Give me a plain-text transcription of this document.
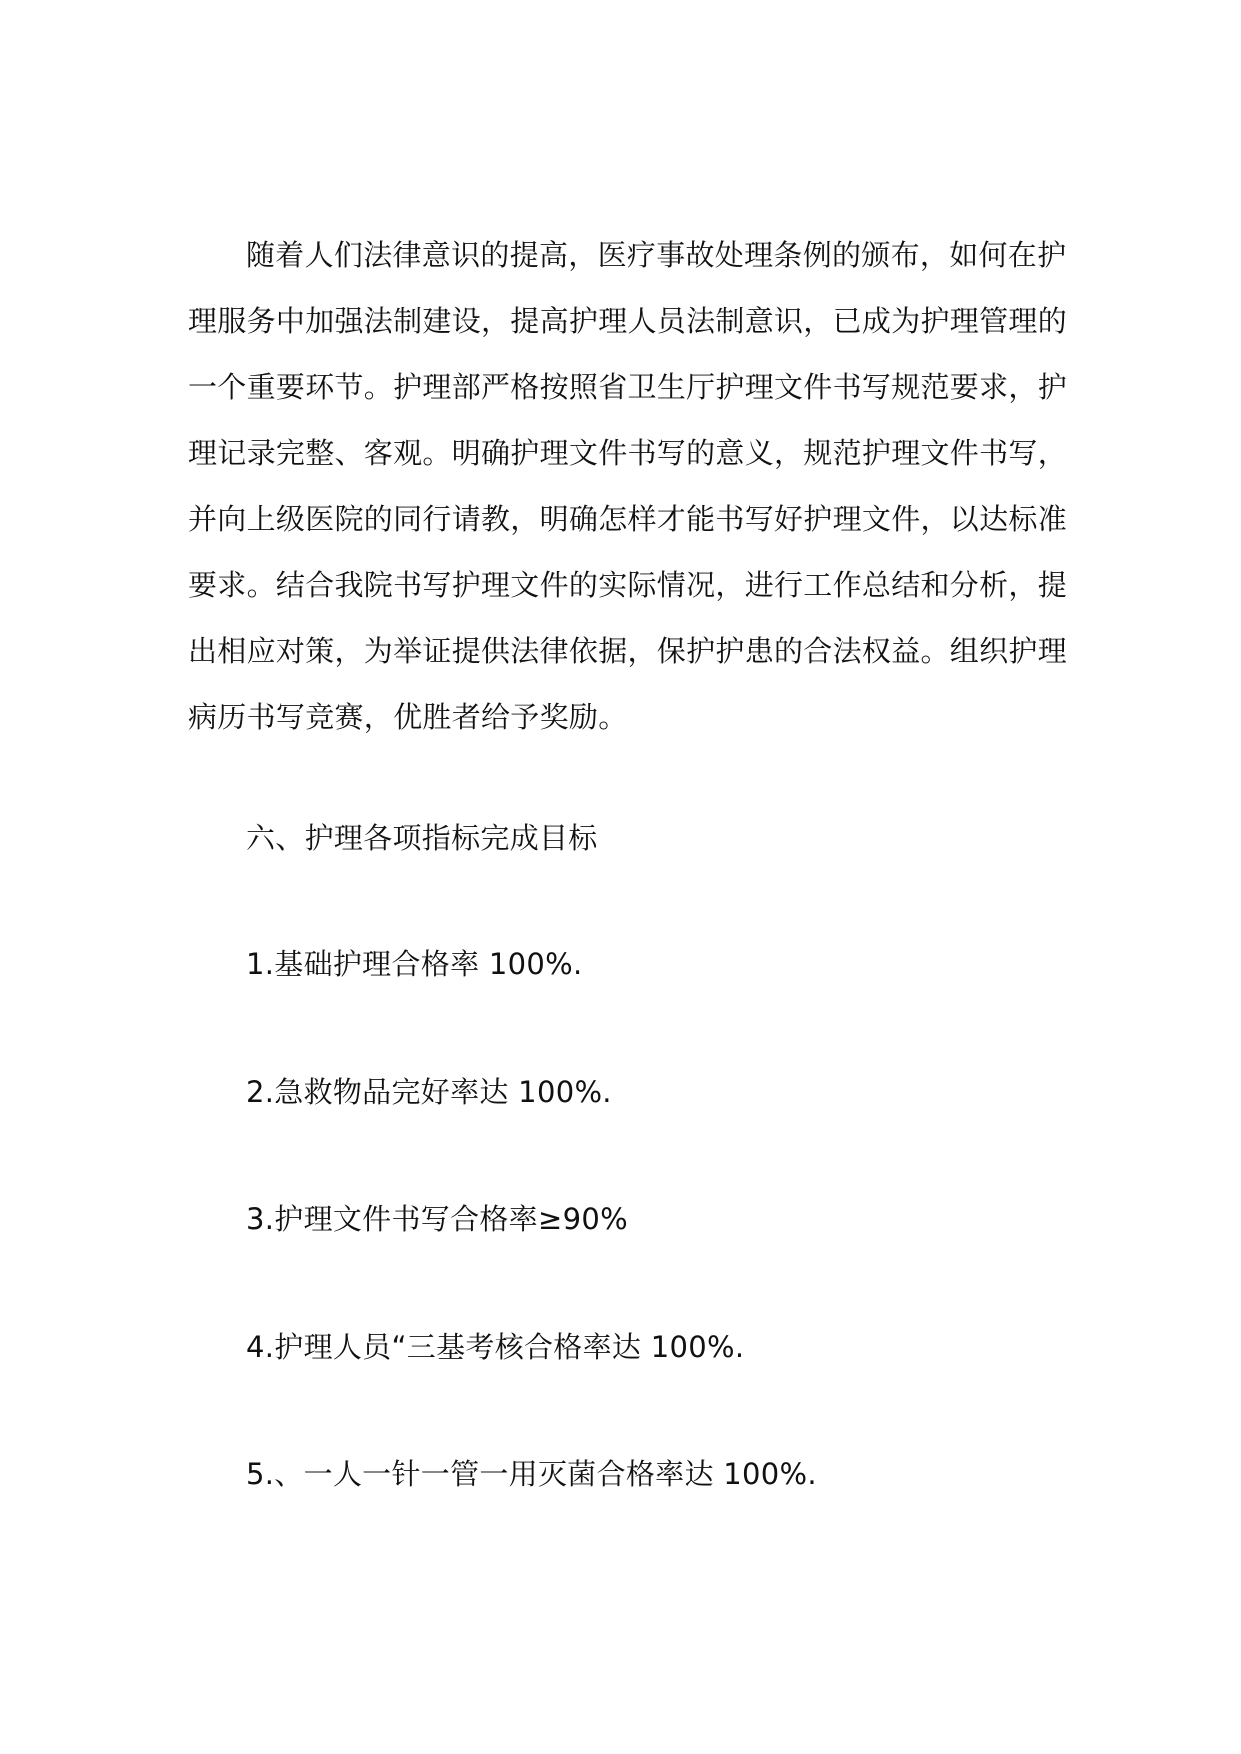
随着人们法律意识的提高，医疗事故处理条例的颁布，如何在护
理服务中加强法制建设，提高护理人员法制意识，已成为护理管理的
一个重要环节。护理部严格按照省卫生厅护理文件书写规范要求，护
理记录完整、客观。明确护理文件书写的意义，规范护理文件书写，
并向上级医院的同行请教，明确怎样才能书写好护理文件，以达标准
要求。结合我院书写护理文件的实际情况，进行工作总结和分析，提
出相应对策，为举证提供法律依据，保护护患的合法权益。组织护理
病历书写竞赛，优胜者给予奖励。

六、护理各项指标完成目标

1.基础护理合格率 100%.

2.急救物品完好率达 100%.

3.护理文件书写合格率≥90%

4.护理人员“三基考核合格率达 100%.

5.、一人一针一管一用灭菌合格率达 100%.
